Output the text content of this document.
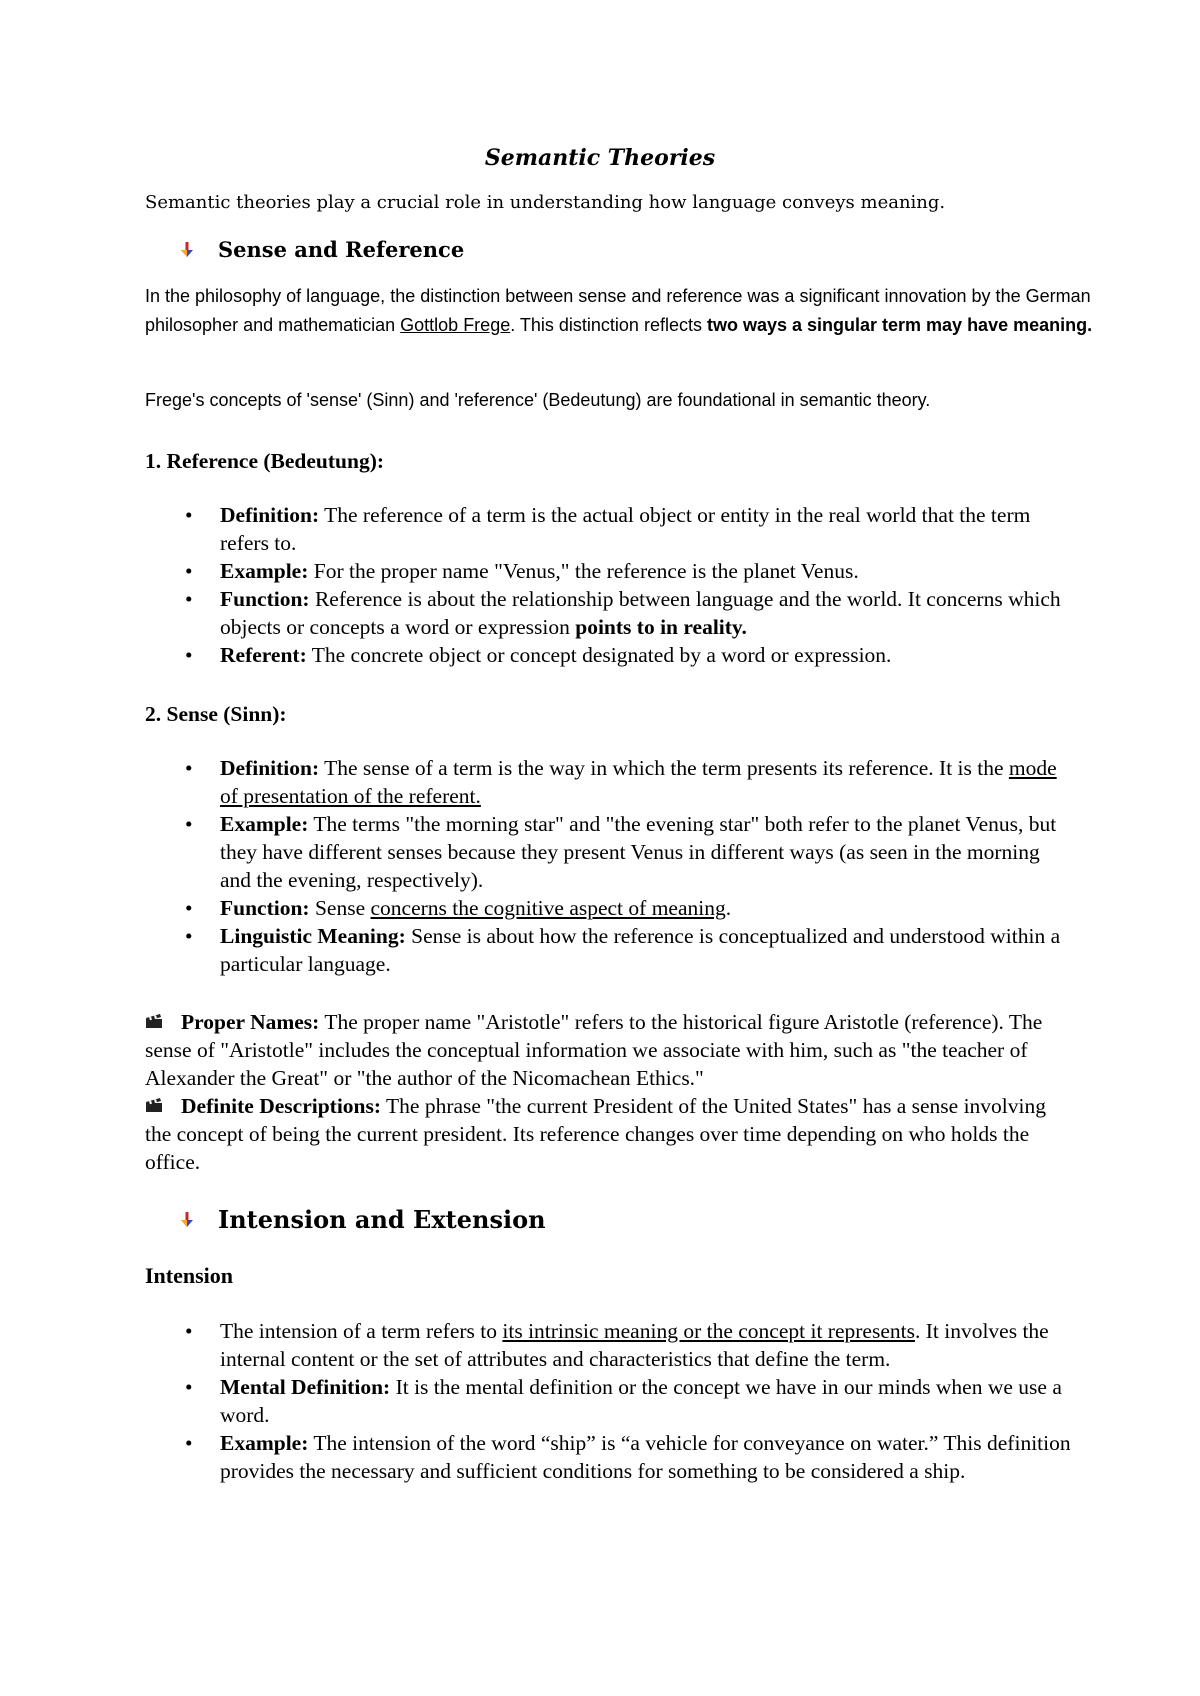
Semantic Theories
Semantic theories play a crucial role in understanding how language conveys meaning.
Sense and Reference
In the philosophy of language, the distinction between sense and reference was a significant innovation by the German philosopher and mathematician Gottlob Frege. This distinction reflects two ways a singular term may have meaning.
Frege's concepts of 'sense' (Sinn) and 'reference' (Bedeutung) are foundational in semantic theory.
1. Reference (Bedeutung):
• Definition: The reference of a term is the actual object or entity in the real world that the term refers to.
• Example: For the proper name "Venus," the reference is the planet Venus.
• Function: Reference is about the relationship between language and the world. It concerns which objects or concepts a word or expression points to in reality.
• Referent: The concrete object or concept designated by a word or expression.
2. Sense (Sinn):
• Definition: The sense of a term is the way in which the term presents its reference. It is the mode of presentation of the referent.
• Example: The terms "the morning star" and "the evening star" both refer to the planet Venus, but they have different senses because they present Venus in different ways (as seen in the morning and the evening, respectively).
• Function: Sense concerns the cognitive aspect of meaning.
• Linguistic Meaning: Sense is about how the reference is conceptualized and understood within a particular language.
Proper Names: The proper name "Aristotle" refers to the historical figure Aristotle (reference). The sense of "Aristotle" includes the conceptual information we associate with him, such as "the teacher of Alexander the Great" or "the author of the Nicomachean Ethics."
Definite Descriptions: The phrase "the current President of the United States" has a sense involving the concept of being the current president. Its reference changes over time depending on who holds the office.
Intension and Extension
Intension
• The intension of a term refers to its intrinsic meaning or the concept it represents. It involves the internal content or the set of attributes and characteristics that define the term.
• Mental Definition: It is the mental definition or the concept we have in our minds when we use a word.
• Example: The intension of the word “ship” is “a vehicle for conveyance on water.” This definition provides the necessary and sufficient conditions for something to be considered a ship.
